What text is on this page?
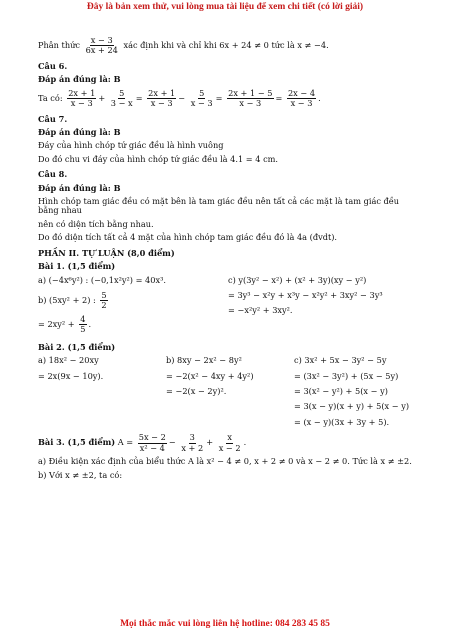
Đây là bản xem thử, vui lòng mua tài liệu để xem chi tiết (có lời giải)
Phân thức $\frac{x - 3}{6x + 24}$ xác định khi và chỉ khi 6x + 24 ≠ 0 tức là x ≠ −4.
Câu 6.
Đáp án đúng là: B
Ta có: $\frac{2x + 1}{x - 3} + \frac{5}{3 - x} = \frac{2x + 1}{x - 3} - \frac{5}{x - 3} = \frac{2x + 1 - 5}{x - 3} = \frac{2x - 4}{x - 3}$ .
Câu 7.
Đáp án đúng là: B
Đáy của hình chóp tứ giác đều là hình vuông
Do đó chu vi đáy của hình chóp tứ giác đều là 4.1 = 4 cm.
Câu 8.
Đáp án đúng là: B
Hình chóp tam giác đều có mặt bên là tam giác đều nên tất cả các mặt là tam giác đều bằng nhau
nên có diện tích bằng nhau.
Do đó diện tích tất cả 4 mặt của hình chóp tam giác đều đó là 4a (đvdt).
PHẦN II. TỰ LUẬN (8,0 điểm)
Bài 1. (1,5 điểm)
a) (−4x⁶y²) : (−0,1x²y²) = 40x³.
b) (5xy² + 2) : $\frac{5}{2}$
= $2xy^2 + \frac{4}{5}$ .
c) y(3y² − x²) + (x² + 3y)(xy − y²)
= 3y³ − x²y + x³y − x²y² + 3xy² − 3y³
= −x²y² + 3xy².
Bài 2. (1,5 điểm)
a) 18x² − 20xy
= 2x(9x − 10y).
b) 8xy − 2x² − 8y²
= −2(x² − 4xy + 4y²)
= −2(x − 2y)².
c) 3x² + 5x − 3y² − 5y
= (3x² − 3y²) + (5x − 5y)
= 3(x² − y²) + 5(x − y)
= 3(x − y)(x + y) + 5(x − y)
= (x − y)(3x + 3y + 5).
Bài 3. (1,5 điểm) $A = \frac{5x - 2}{\text{x² − 4}} - \frac{3}{x + 2} + \frac{x}{x - 2}$ .
a) Điều kiện xác định của biểu thức A là x² − 4 ≠ 0, x + 2 ≠ 0 và x − 2 ≠ 0. Tức là x ≠ ±2.
b) Với x ≠ ±2, ta có:
Mọi thắc mắc vui lòng liên hệ hotline: 084 283 45 85
